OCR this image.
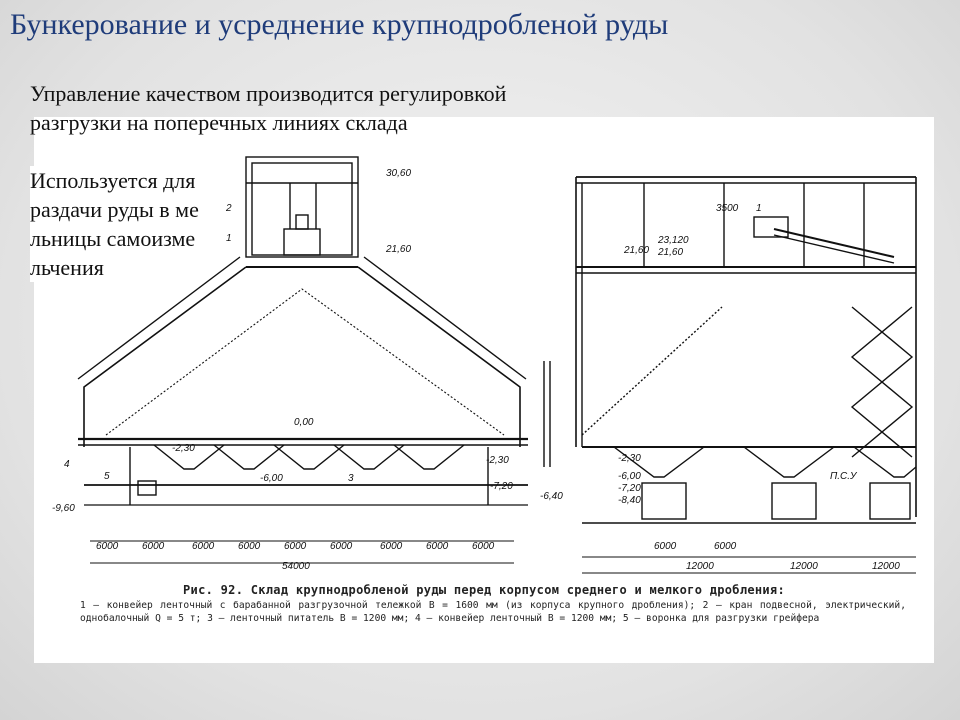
Бункерование и усреднение крупнодробленой руды
30,60
21,60
0,00
-2,30
-2,30
-6,00
-7,20
-6,40
-9,60
1
2
3
4
5
6000 6000	6000 6000 6000 6000	6000 6000 6000
54000
21,60
23,120
21,60
-2,30
-6,00
-7,20
-8,40
1
3500
П.С.У
6000	6000
12000	12000	12000
Рис. 92. Склад крупнодробленой руды перед корпусом среднего и мелкого дробления:
1 — конвейер ленточный с барабанной разгрузочной тележкой B = 1600 мм (из корпуса крупного дробления); 2 — кран подвесной, электрический, однобалочный Q = 5 т; 3 — ленточный питатель B = 1200 мм; 4 — конвейер ленточный B = 1200 мм; 5 — воронка для разгрузки грейфера
Управление качеством производится регулировкой разгрузки на поперечных линиях склада
Используется для раздачи руды в мельницы самоизмельчения
